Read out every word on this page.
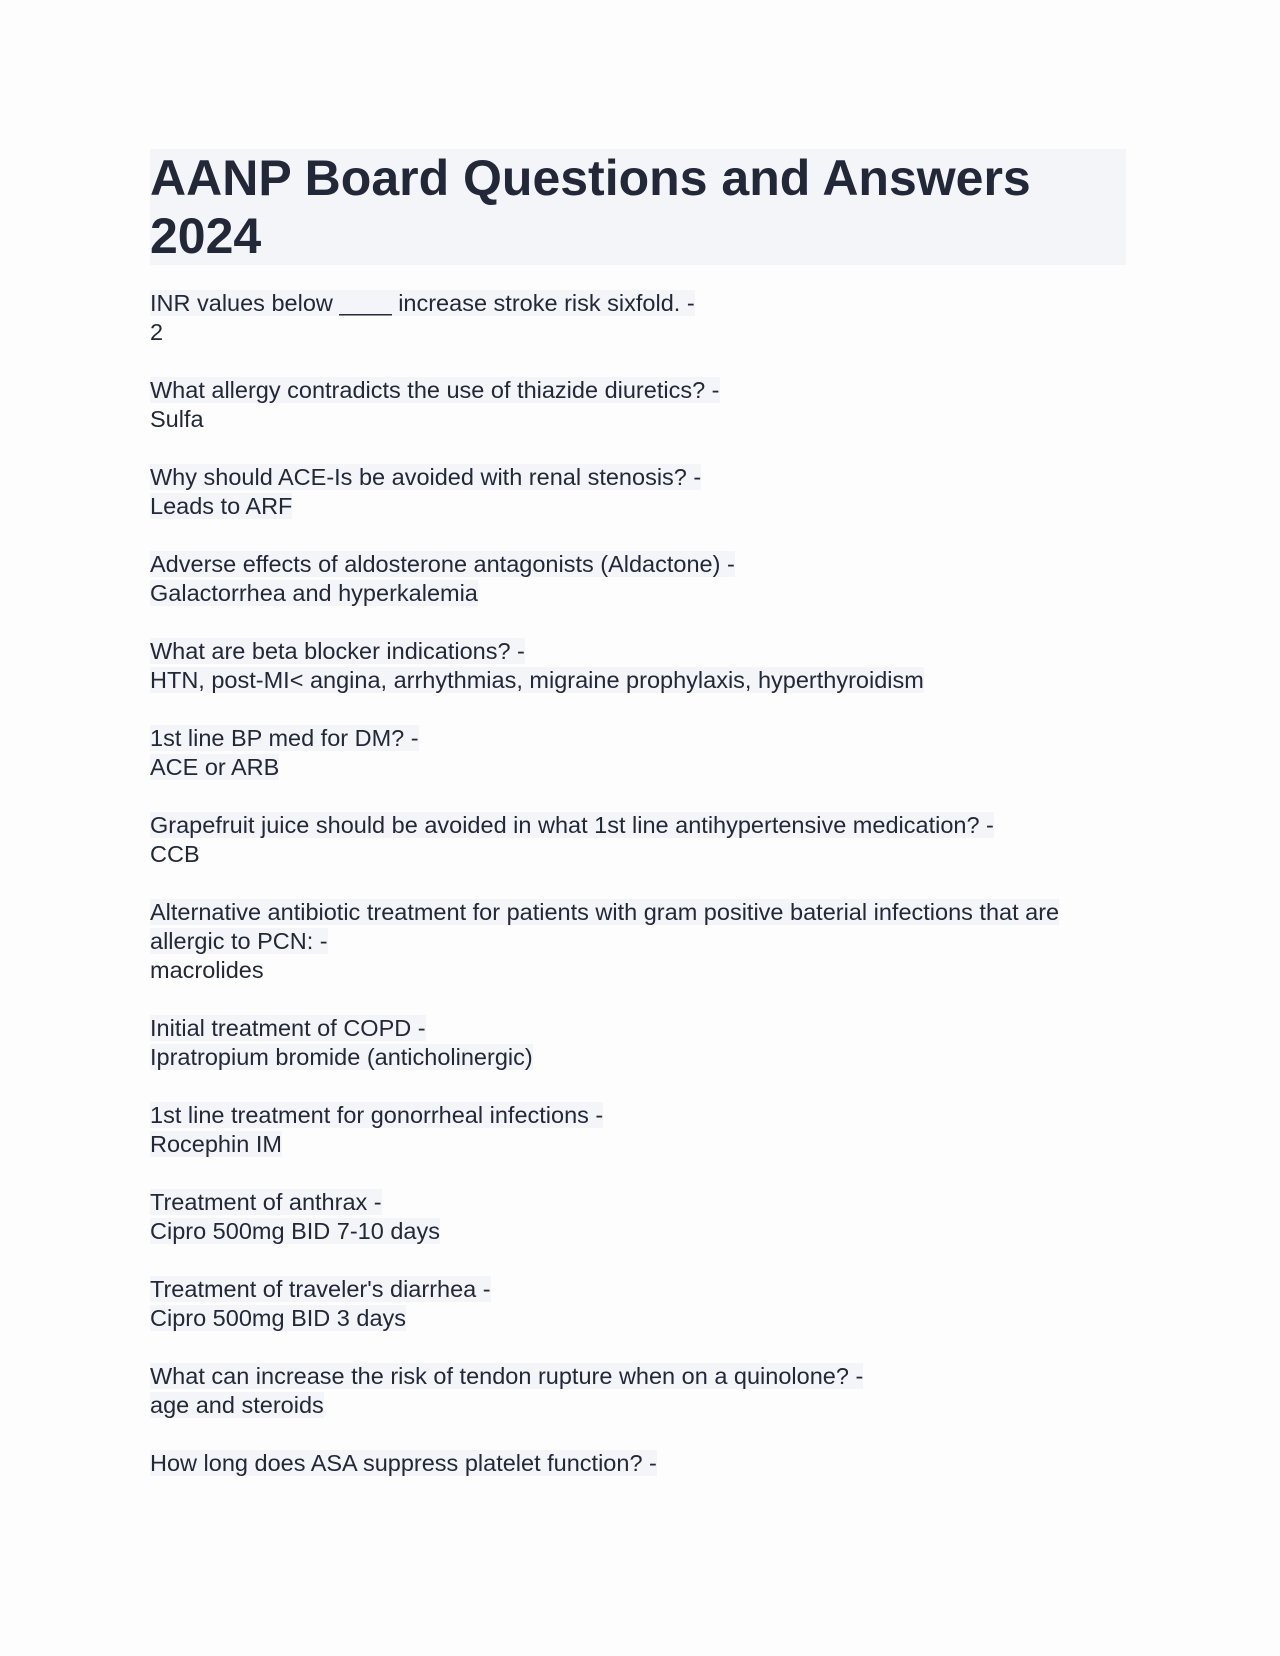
AANP Board Questions and Answers 2024
INR values below ____ increase stroke risk sixfold. -
2
What allergy contradicts the use of thiazide diuretics? -
Sulfa
Why should ACE-Is be avoided with renal stenosis? -
Leads to ARF
Adverse effects of aldosterone antagonists (Aldactone) -
Galactorrhea and hyperkalemia
What are beta blocker indications? -
HTN, post-MI< angina, arrhythmias, migraine prophylaxis, hyperthyroidism
1st line BP med for DM? -
ACE or ARB
Grapefruit juice should be avoided in what 1st line antihypertensive medication? -
CCB
Alternative antibiotic treatment for patients with gram positive baterial infections that are allergic to PCN: -
macrolides
Initial treatment of COPD -
Ipratropium bromide (anticholinergic)
1st line treatment for gonorrheal infections -
Rocephin IM
Treatment of anthrax -
Cipro 500mg BID 7-10 days
Treatment of traveler's diarrhea -
Cipro 500mg BID 3 days
What can increase the risk of tendon rupture when on a quinolone? -
age and steroids
How long does ASA suppress platelet function? -
